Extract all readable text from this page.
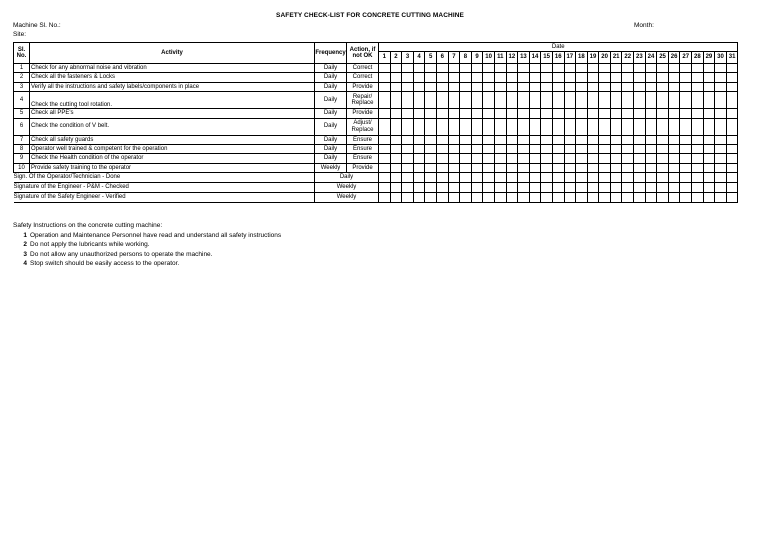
SAFETY CHECK-LIST FOR CONCRETE CUTTING MACHINE
Machine Sl. No.:
Site:
Month:
Sl. No.	Activity	Frequency	Action, if not OK	Date																														
				1	2	3	4	5	6	7	8	9	10	11	12	13	14	15	16	17	18	19	20	21	22	23	24	25	26	27	28	29	30	31
1	Check for any abnormal noise and vibration	Daily	Correct																															
2	Check all the fasteners & Locks	Daily	Correct																															
3	Verify all the instructions and safety labels/components in place	Daily	Provide																															
4	Check the cutting tool rotation.	Daily	Repair/ Replace																															
5	Check all PPE's	Daily	Provide																															
6	Check the condition of V belt.	Daily	Adjust/ Replace																															
7	Check all safety guards	Daily	Ensure																															
8	Operator well trained & competent for the operation	Daily	Ensure																															
9	Check the Health condition of the operator	Daily	Ensure																															
10	Provide safety training to the operator	Weekly	Provide																															
Sign. Of the Operator/Technician - Done		Daily																																
Signature of the Engineer - P&M - Checked		Weekly																																
Signature of the Safety Engineer - Verified		Weekly																																
Safety Instructions on the concrete cutting machine:
1 Operation and Maintenance Personnel have read and understand all safety instructions
2 Do not apply the lubricants while working.
3 Do not allow any unauthorized persons to operate the machine.
4 Stop switch should be easily access to the operator.
